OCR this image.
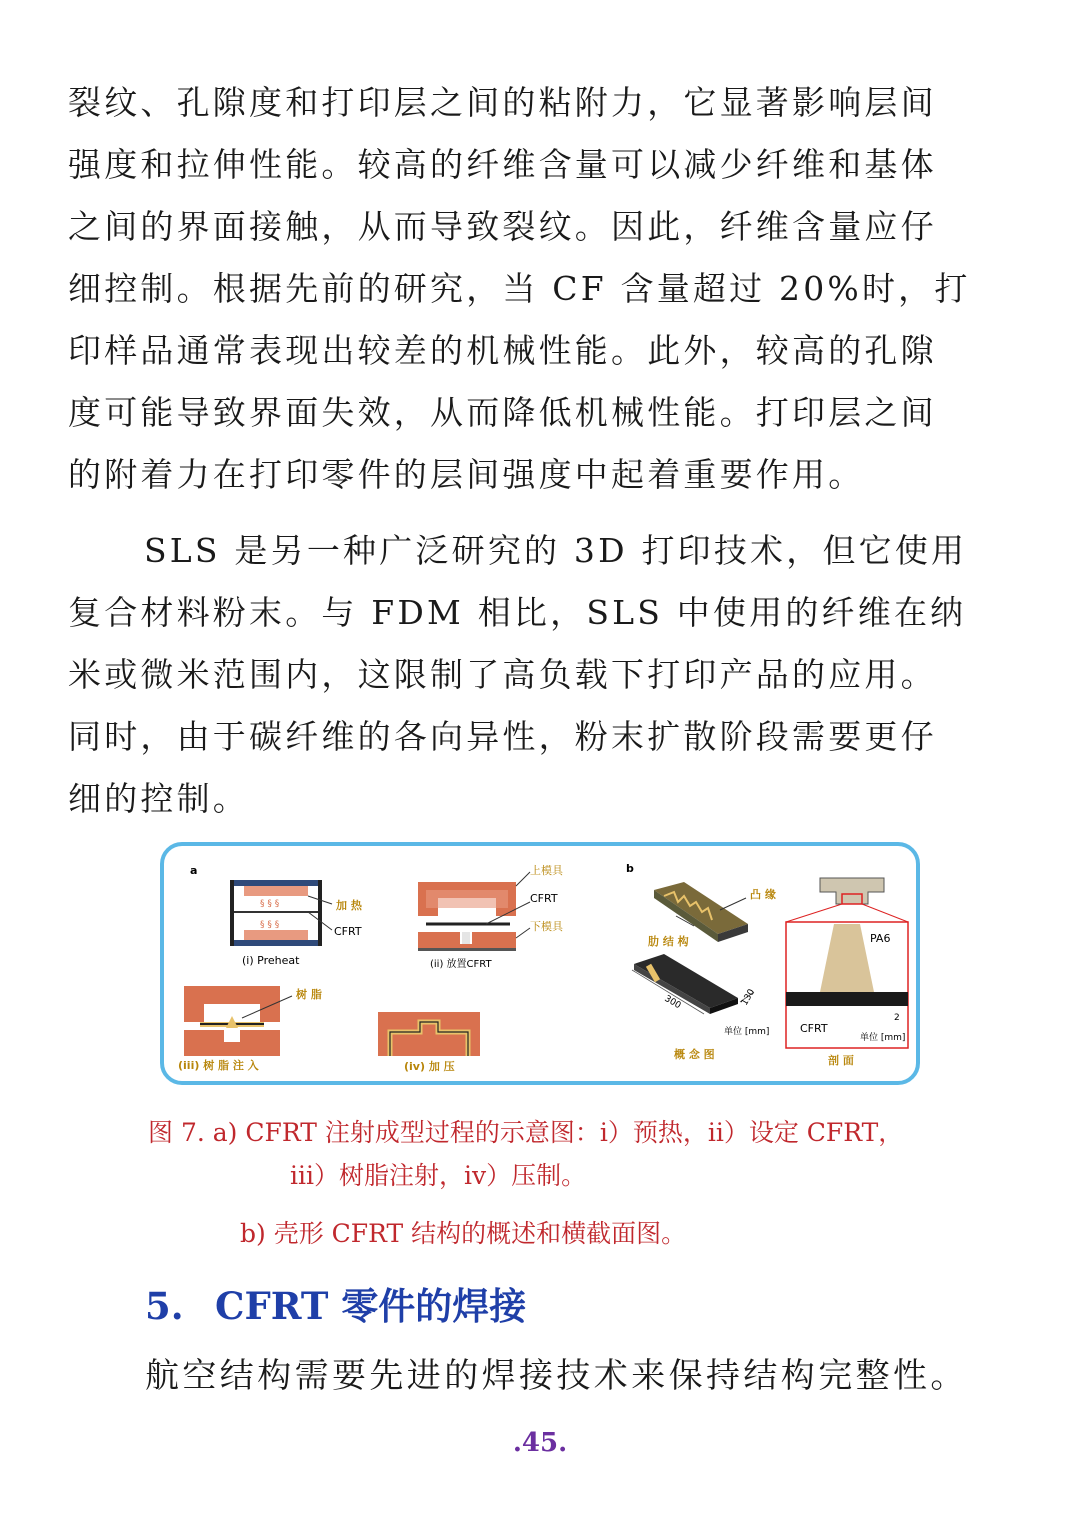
裂纹、孔隙度和打印层之间的粘附力，它显著影响层间
强度和拉伸性能。较高的纤维含量可以减少纤维和基体
之间的界面接触，从而导致裂纹。因此，纤维含量应仔
细控制。根据先前的研究，当 CF 含量超过 20%时，打
印样品通常表现出较差的机械性能。此外，较高的孔隙
度可能导致界面失效，从而降低机械性能。打印层之间
的附着力在打印零件的层间强度中起着重要作用。
SLS 是另一种广泛研究的 3D 打印技术，但它使用
复合材料粉末。与 FDM 相比，SLS 中使用的纤维在纳
米或微米范围内，这限制了高负载下打印产品的应用。
同时，由于碳纤维的各向异性，粉末扩散阶段需要更仔
细的控制。
a	b
§ § §
§ § §
加 热
CFRT
(i) Preheat
上模具
CFRT
下模具
(ii) 放置CFRT
树 脂
(iii) 树 脂 注 入	(iv) 加 压
凸 缘
肋 结 构
300	130
单位 [mm]
概 念 图
PA6
CFRT
2
单位 [mm]
剖 面
图 7. a) CFRT 注射成型过程的示意图：i）预热，ii）设定 CFRT，
iii）树脂注射，iv）压制。
b) 壳形 CFRT 结构的概述和横截面图。
5. CFRT 零件的焊接
航空结构需要先进的焊接技术来保持结构完整性。
.45.
